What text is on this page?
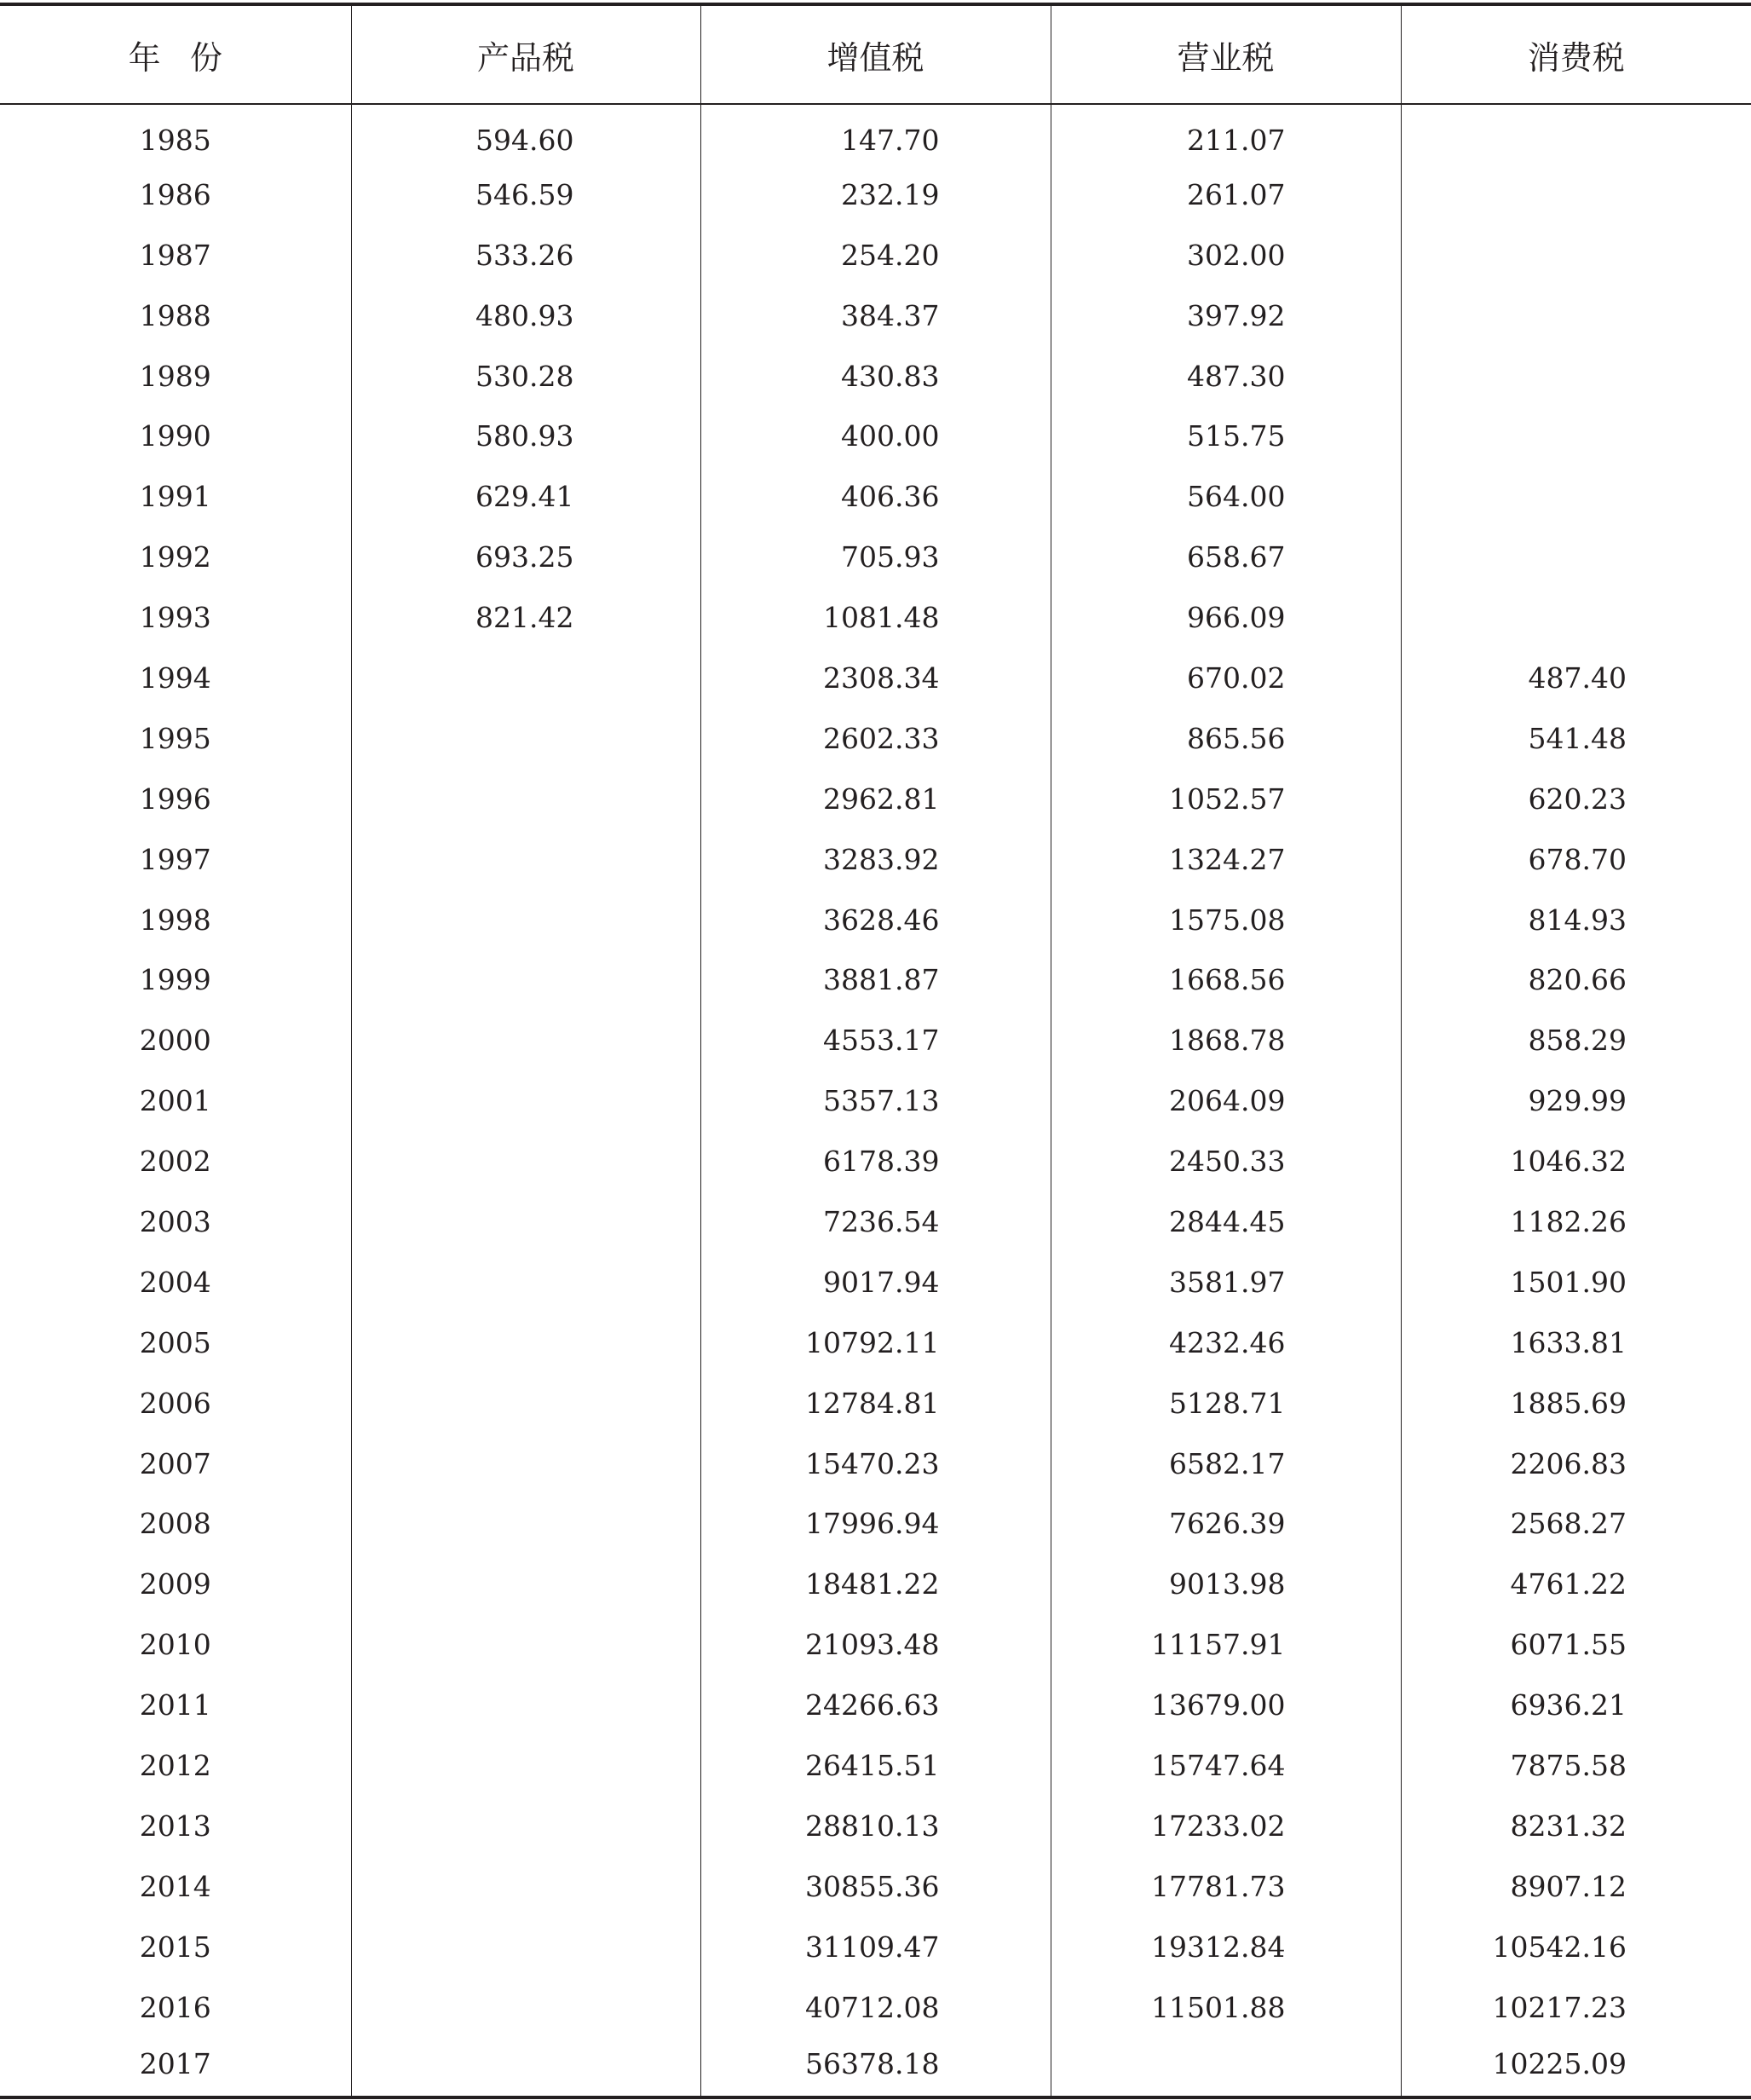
年份	产品税	增值税	营业税	消费税
1985	594.60	147.70	211.07	
1986	546.59	232.19	261.07	
1987	533.26	254.20	302.00	
1988	480.93	384.37	397.92	
1989	530.28	430.83	487.30	
1990	580.93	400.00	515.75	
1991	629.41	406.36	564.00	
1992	693.25	705.93	658.67	
1993	821.42	1081.48	966.09	
1994		2308.34	670.02	487.40
1995		2602.33	865.56	541.48
1996		2962.81	1052.57	620.23
1997		3283.92	1324.27	678.70
1998		3628.46	1575.08	814.93
1999		3881.87	1668.56	820.66
2000		4553.17	1868.78	858.29
2001		5357.13	2064.09	929.99
2002		6178.39	2450.33	1046.32
2003		7236.54	2844.45	1182.26
2004		9017.94	3581.97	1501.90
2005		10792.11	4232.46	1633.81
2006		12784.81	5128.71	1885.69
2007		15470.23	6582.17	2206.83
2008		17996.94	7626.39	2568.27
2009		18481.22	9013.98	4761.22
2010		21093.48	11157.91	6071.55
2011		24266.63	13679.00	6936.21
2012		26415.51	15747.64	7875.58
2013		28810.13	17233.02	8231.32
2014		30855.36	17781.73	8907.12
2015		31109.47	19312.84	10542.16
2016		40712.08	11501.88	10217.23
2017		56378.18		10225.09
